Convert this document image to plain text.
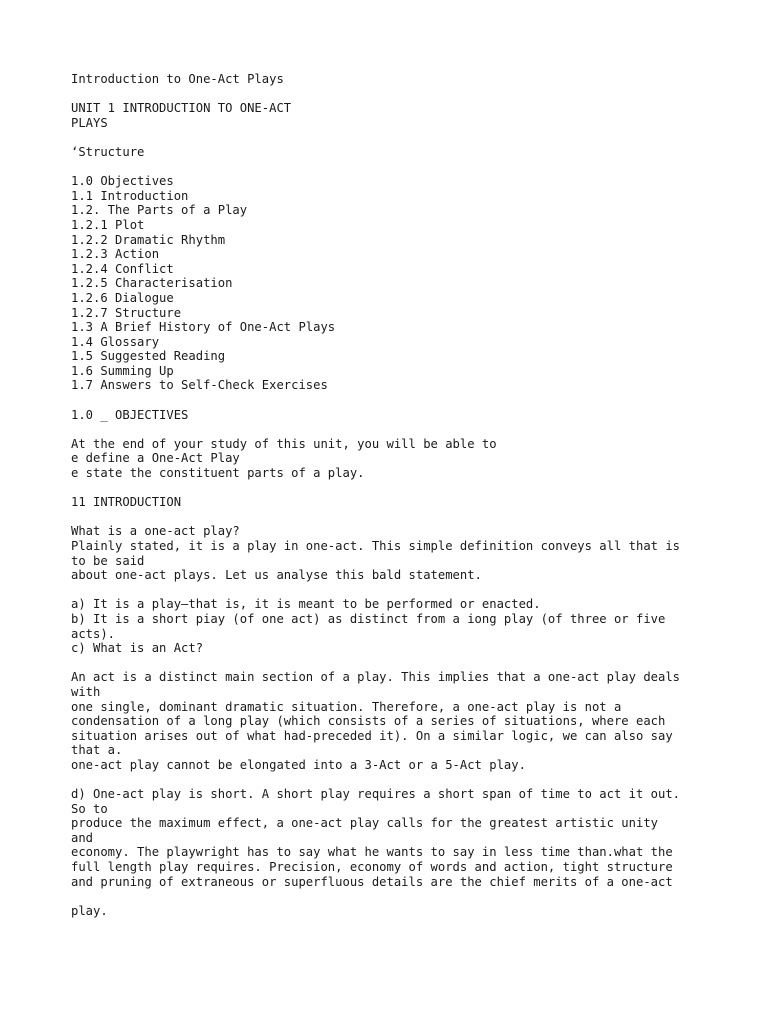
Introduction to One-Act Plays
UNIT 1 INTRODUCTION TO ONE-ACT
PLAYS
‘Structure
1.0 Objectives
1.1 Introduction
1.2. The Parts of a Play
1.2.1 Plot
1.2.2 Dramatic Rhythm
1.2.3 Action
1.2.4 Conflict
1.2.5 Characterisation
1.2.6 Dialogue
1.2.7 Structure
1.3 A Brief History of One-Act Plays
1.4 Glossary
1.5 Suggested Reading
1.6 Summing Up
1.7 Answers to Self-Check Exercises
1.0 _ OBJECTIVES
At the end of your study of this unit, you will be able to
e define a One-Act Play
e state the constituent parts of a play.
11 INTRODUCTION
What is a one-act play?
Plainly stated, it is a play in one-act. This simple definition conveys all that is
to be said
about one-act plays. Let us analyse this bald statement.
a) It is a play—that is, it is meant to be performed or enacted.
b) It is a short piay (of one act) as distinct from a iong play (of three or five
acts).
c) What is an Act?
An act is a distinct main section of a play. This implies that a one-act play deals
with
one single, dominant dramatic situation. Therefore, a one-act play is not a
condensation of a long play (which consists of a series of situations, where each
situation arises out of what had-preceded it). On a similar logic, we can also say
that a.
one-act play cannot be elongated into a 3-Act or a 5-Act play.
d) One-act play is short. A short play requires a short span of time to act it out.
So to
produce the maximum effect, a one-act play calls for the greatest artistic unity
and
economy. The playwright has to say what he wants to say in less time than.what the
full length play requires. Precision, economy of words and action, tight structure
and pruning of extraneous or superfluous details are the chief merits of a one-act
play.
